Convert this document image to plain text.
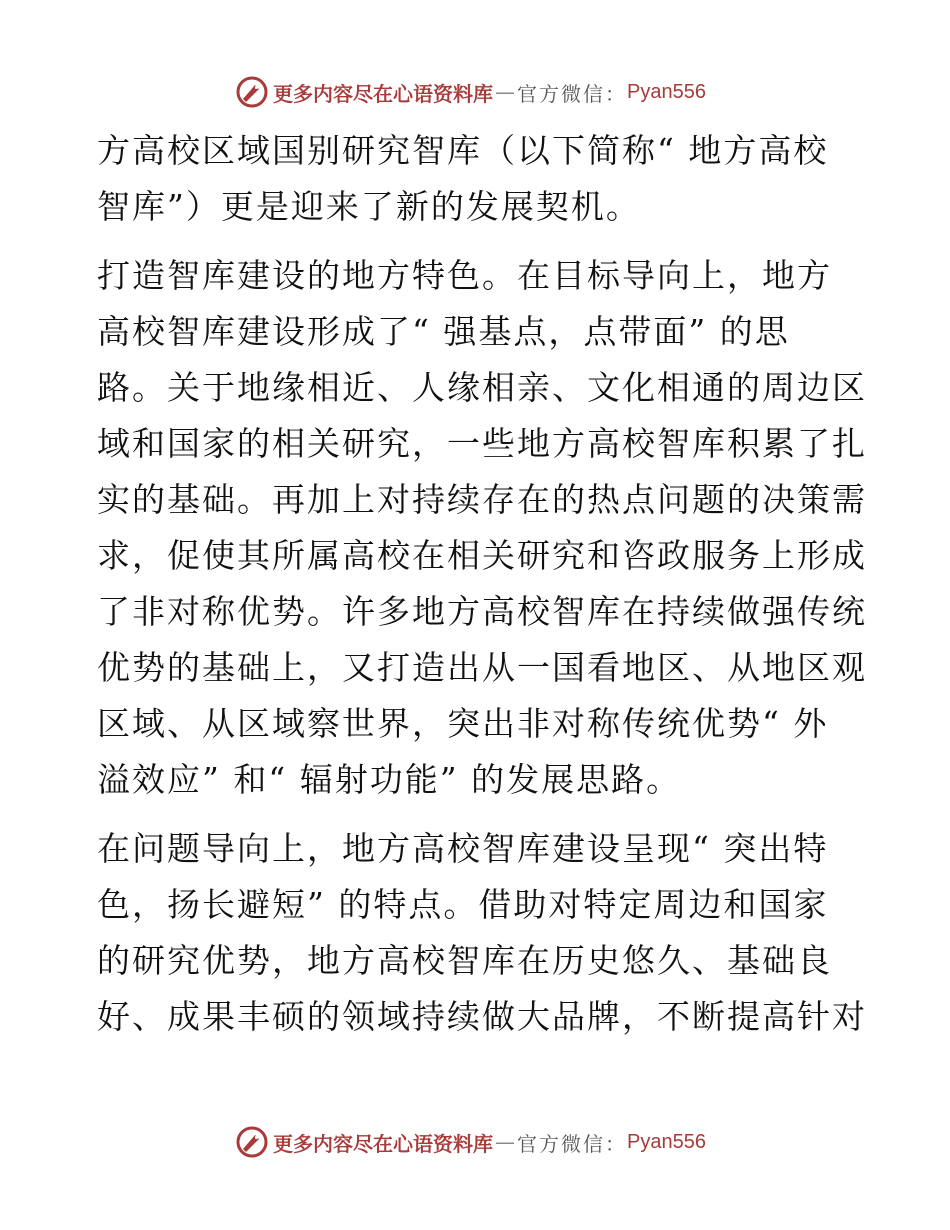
更多内容尽在心语资料库 — 官方微信： Pyan556
方高校区域国别研究智库（以下简称“ 地方高校
智库”）更是迎来了新的发展契机。
打造智库建设的地方特色。在目标导向上，地方
高校智库建设形成了“ 强基点，点带面” 的思
路。关于地缘相近、人缘相亲、文化相通的周边区
域和国家的相关研究，一些地方高校智库积累了扎
实的基础。再加上对持续存在的热点问题的决策需
求，促使其所属高校在相关研究和咨政服务上形成
了非对称优势。许多地方高校智库在持续做强传统
优势的基础上，又打造出从一国看地区、从地区观
区域、从区域察世界，突出非对称传统优势“ 外
溢效应” 和“ 辐射功能” 的发展思路。
在问题导向上，地方高校智库建设呈现“ 突出特
色，扬长避短” 的特点。借助对特定周边和国家
的研究优势，地方高校智库在历史悠久、基础良
好、成果丰硕的领域持续做大品牌，不断提高针对
更多内容尽在心语资料库 — 官方微信： Pyan556
